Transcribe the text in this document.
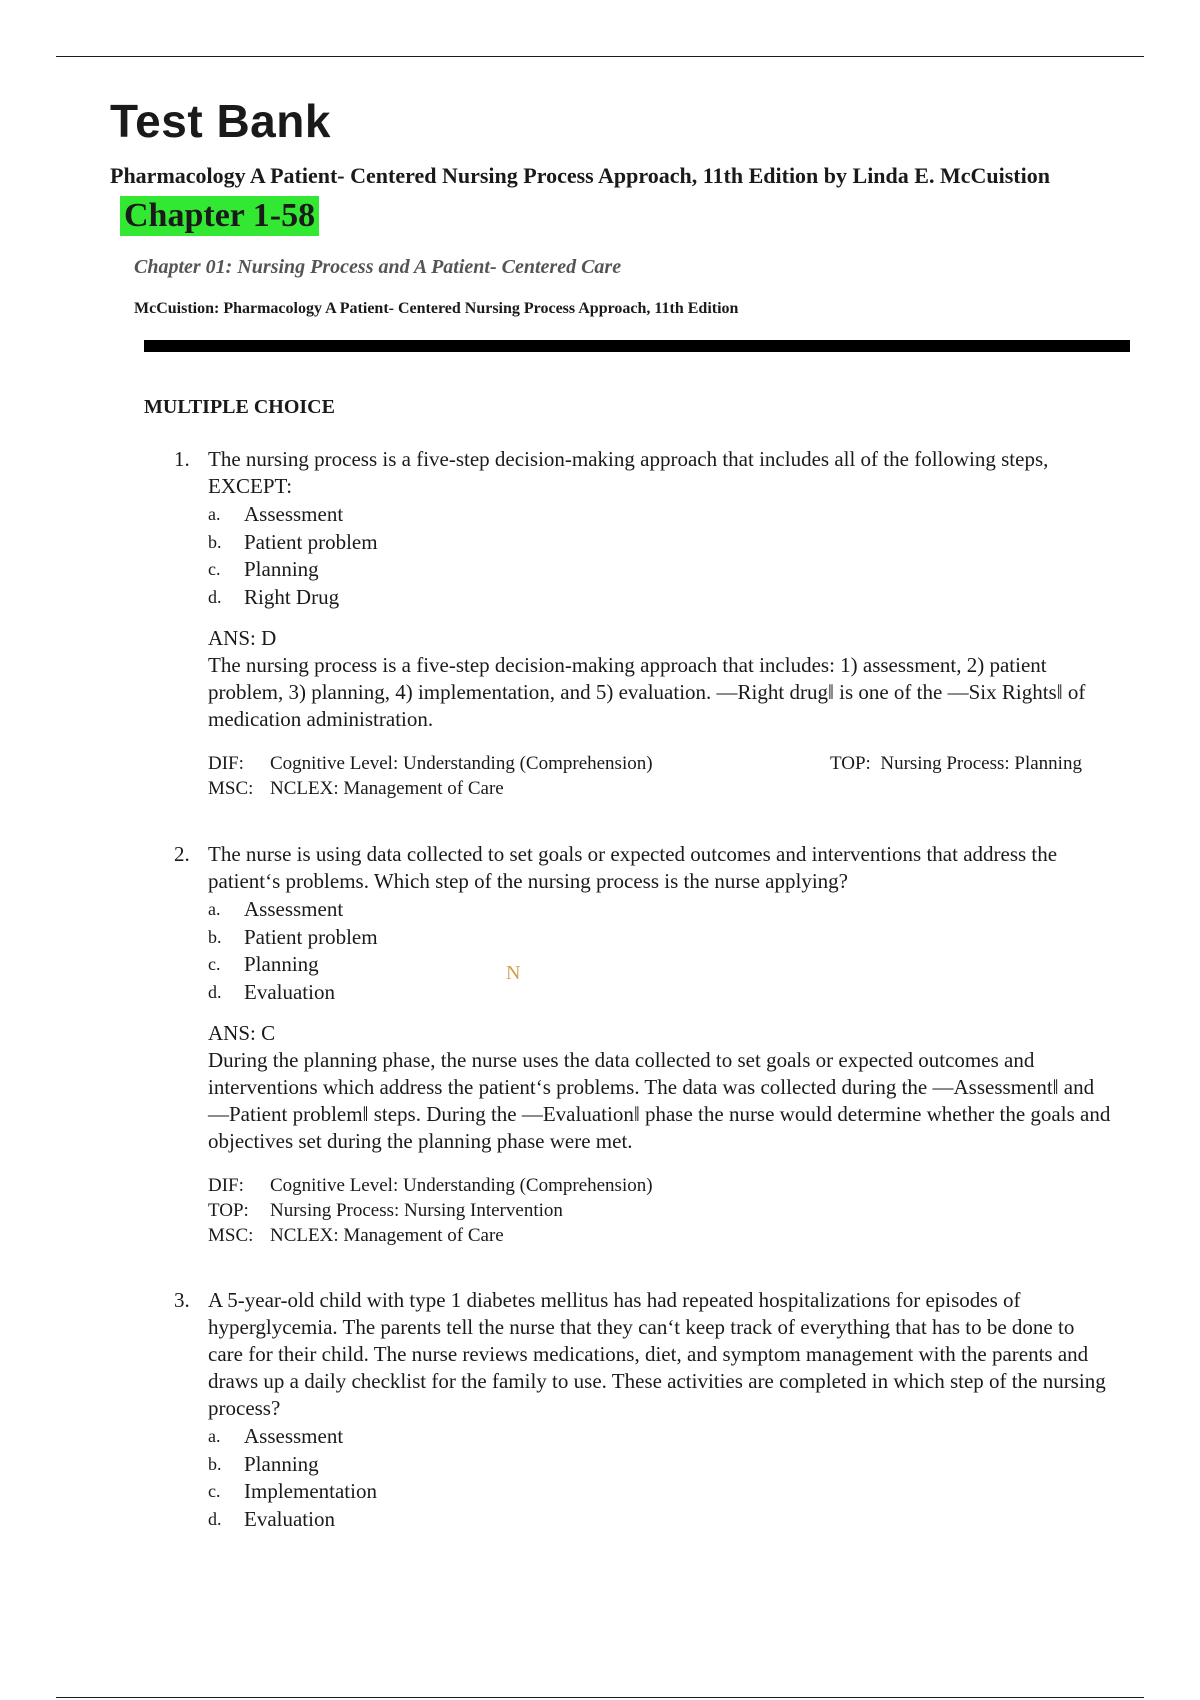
Test Bank
Pharmacology A Patient- Centered Nursing Process Approach, 11th Edition by Linda E. McCuistion
Chapter 1-58
Chapter 01: Nursing Process and A Patient- Centered Care
McCuistion: Pharmacology A Patient- Centered Nursing Process Approach, 11th Edition
MULTIPLE CHOICE
1. The nursing process is a five-step decision-making approach that includes all of the following steps, EXCEPT:
a.	Assessment
b.	Patient problem
c.	Planning
d.	Right Drug
ANS: D
The nursing process is a five-step decision-making approach that includes: 1) assessment, 2) patient problem, 3) planning, 4) implementation, and 5) evaluation. —Right drug‖ is one of the —Six Rights‖ of medication administration.
DIF:	Cognitive Level: Understanding (Comprehension)	TOP: Nursing Process: Planning
MSC: NCLEX: Management of Care
2. The nurse is using data collected to set goals or expected outcomes and interventions that address the patient‘s problems. Which step of the nursing process is the nurse applying?
a.	Assessment
b.	Patient problem
c.	Planning
d.	Evaluation
ANS: C
During the planning phase, the nurse uses the data collected to set goals or expected outcomes and interventions which address the patient‘s problems. The data was collected during the —Assessment‖ and —Patient problem‖ steps. During the —Evaluation‖ phase the nurse would determine whether the goals and objectives set during the planning phase were met.
DIF:	Cognitive Level: Understanding (Comprehension)
TOP:	Nursing Process: Nursing Intervention
MSC: NCLEX: Management of Care
N
3. A 5-year-old child with type 1 diabetes mellitus has had repeated hospitalizations for episodes of hyperglycemia. The parents tell the nurse that they can‘t keep track of everything that has to be done to care for their child. The nurse reviews medications, diet, and symptom management with the parents and draws up a daily checklist for the family to use. These activities are completed in which step of the nursing process?
a.	Assessment
b.	Planning
c.	Implementation
d.	Evaluation
